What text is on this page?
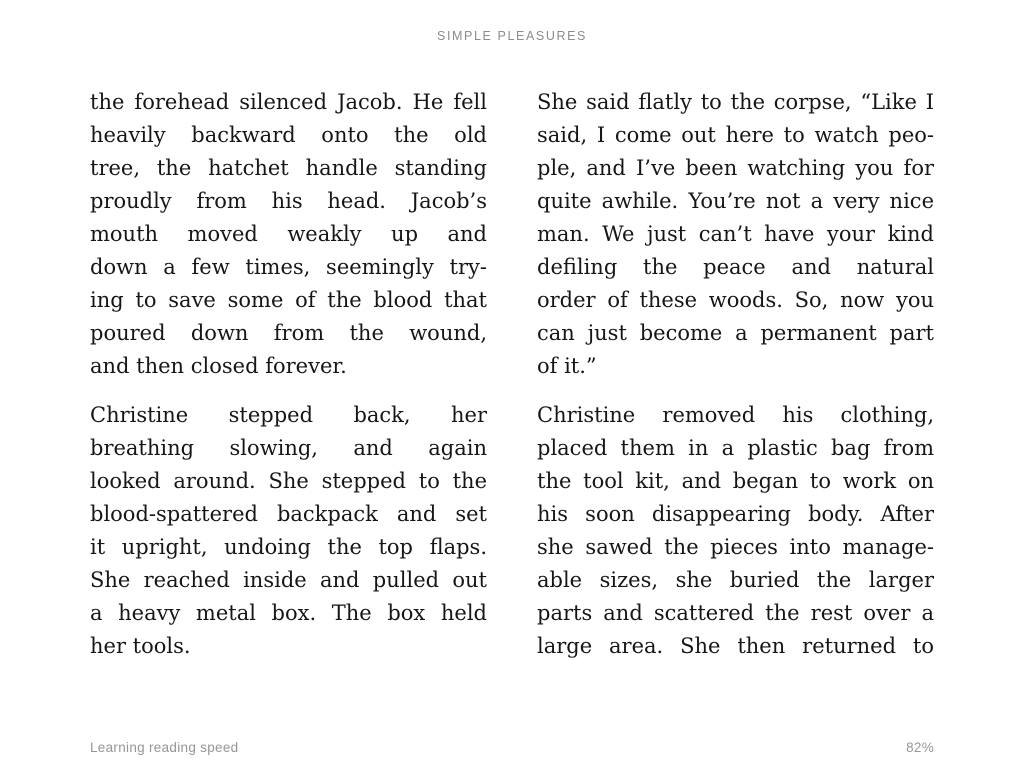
SIMPLE PLEASURES

the forehead silenced Jacob. He fell
heavily backward onto the old
tree, the hatchet handle standing
proudly from his head. Jacob’s
mouth moved weakly up and
down a few times, seemingly try-
ing to save some of the blood that
poured down from the wound,
and then closed forever.

Christine stepped back, her
breathing slowing, and again
looked around. She stepped to the
blood-spattered backpack and set
it upright, undoing the top flaps.
She reached inside and pulled out
a heavy metal box. The box held
her tools.

She said flatly to the corpse, “Like I
said, I come out here to watch peo-
ple, and I’ve been watching you for
quite awhile. You’re not a very nice
man. We just can’t have your kind
defiling the peace and natural
order of these woods. So, now you
can just become a permanent part
of it.”

Christine removed his clothing,
placed them in a plastic bag from
the tool kit, and began to work on
his soon disappearing body. After
she sawed the pieces into manage-
able sizes, she buried the larger
parts and scattered the rest over a
large area. She then returned to

Learning reading speed	82%
